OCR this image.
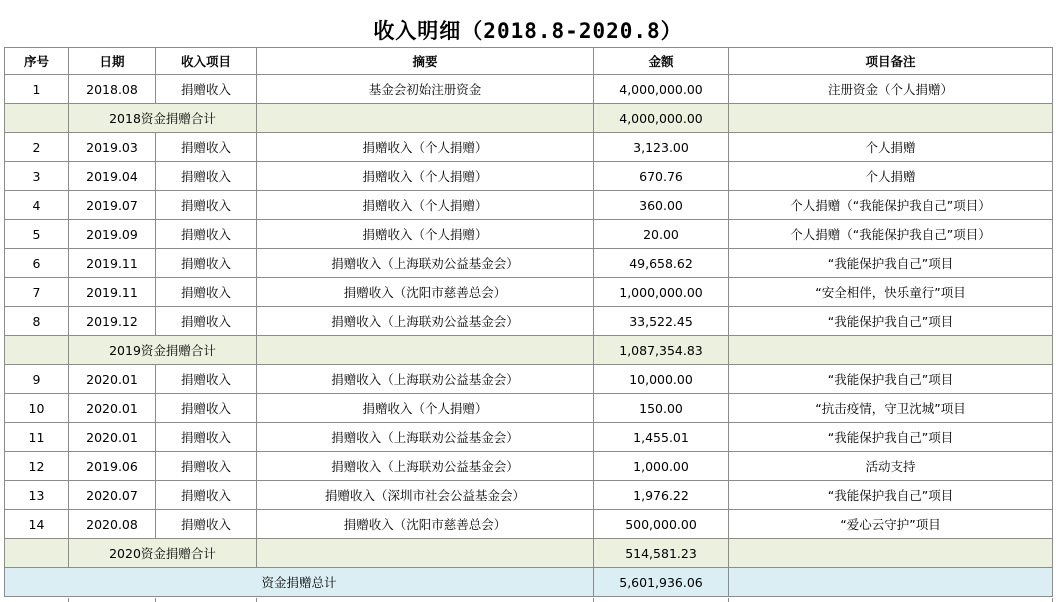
收入明细（2018.8-2020.8）
序号	日期	收入项目	摘要	金额	项目备注
1	2018.08	捐赠收入	基金会初始注册资金	4,000,000.00	注册资金（个人捐赠）
	2018资金捐赠合计			4,000,000.00	
2	2019.03	捐赠收入	捐赠收入（个人捐赠）	3,123.00	个人捐赠
3	2019.04	捐赠收入	捐赠收入（个人捐赠）	670.76	个人捐赠
4	2019.07	捐赠收入	捐赠收入（个人捐赠）	360.00	个人捐赠（“我能保护我自己”项目）
5	2019.09	捐赠收入	捐赠收入（个人捐赠）	20.00	个人捐赠（“我能保护我自己”项目）
6	2019.11	捐赠收入	捐赠收入（上海联劝公益基金会）	49,658.62	“我能保护我自己”项目
7	2019.11	捐赠收入	捐赠收入（沈阳市慈善总会）	1,000,000.00	“安全相伴，快乐童行”项目
8	2019.12	捐赠收入	捐赠收入（上海联劝公益基金会）	33,522.45	“我能保护我自己”项目
	2019资金捐赠合计			1,087,354.83	
9	2020.01	捐赠收入	捐赠收入（上海联劝公益基金会）	10,000.00	“我能保护我自己”项目
10	2020.01	捐赠收入	捐赠收入（个人捐赠）	150.00	“抗击疫情，守卫沈城”项目
11	2020.01	捐赠收入	捐赠收入（上海联劝公益基金会）	1,455.01	“我能保护我自己”项目
12	2019.06	捐赠收入	捐赠收入（上海联劝公益基金会）	1,000.00	活动支持
13	2020.07	捐赠收入	捐赠收入（深圳市社会公益基金会）	1,976.22	“我能保护我自己”项目
14	2020.08	捐赠收入	捐赠收入（沈阳市慈善总会）	500,000.00	“爱心云守护”项目
	2020资金捐赠合计			514,581.23	
资金捐赠总计				5,601,936.06	
